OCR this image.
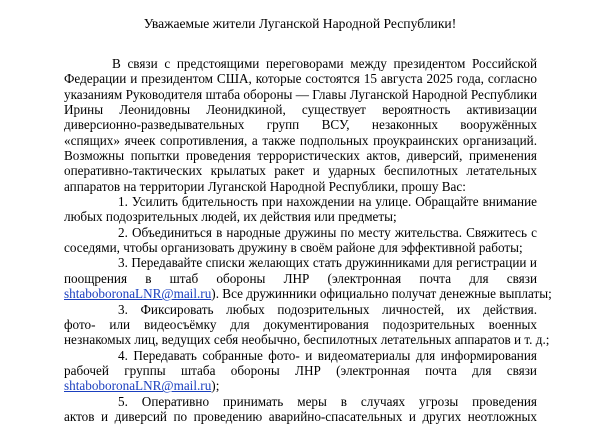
Уважаемые жители Луганской Народной Республики!
В связи с предстоящими переговорами между президентом Российской
Федерации и президентом США, которые состоятся 15 августа 2025 года, согласно
указаниям Руководителя штаба обороны — Главы Луганской Народной Республики
Ирины Леонидовны Леонидкиной, существует вероятность активизации
диверсионно-разведывательных групп ВСУ, незаконных вооружённых
«спящих» ячеек сопротивления, а также подпольных проукраинских организаций.
Возможны попытки проведения террористических актов, диверсий, применения
оперативно-тактических крылатых ракет и ударных беспилотных летательных
аппаратов на территории Луганской Народной Республики, прошу Вас:
1. Усилить бдительность при нахождении на улице. Обращайте внимание
любых подозрительных людей, их действия или предметы;
2. Объединиться в народные дружины по месту жительства. Свяжитесь с
соседями, чтобы организовать дружину в своём районе для эффективной работы;
3. Передавайте списки желающих стать дружинниками для регистрации и
поощрения в штаб обороны ЛНР (электронная почта для связи
shtaboboronaLNR@mail.ru). Все дружинники официально получат денежные выплаты;
3. Фиксировать любых подозрительных личностей, их действия.
фото- или видеосъёмку для документирования подозрительных военных
незнакомых лиц, ведущих себя необычно, беспилотных летательных аппаратов и т. д.;
4. Передавать собранные фото- и видеоматериалы для информирования
рабочей группы штаба обороны ЛНР (электронная почта для связи
shtaboboronaLNR@mail.ru);
5. Оперативно принимать меры в случаях угрозы проведения
актов и диверсий по проведению аварийно-спасательных и других неотложных
